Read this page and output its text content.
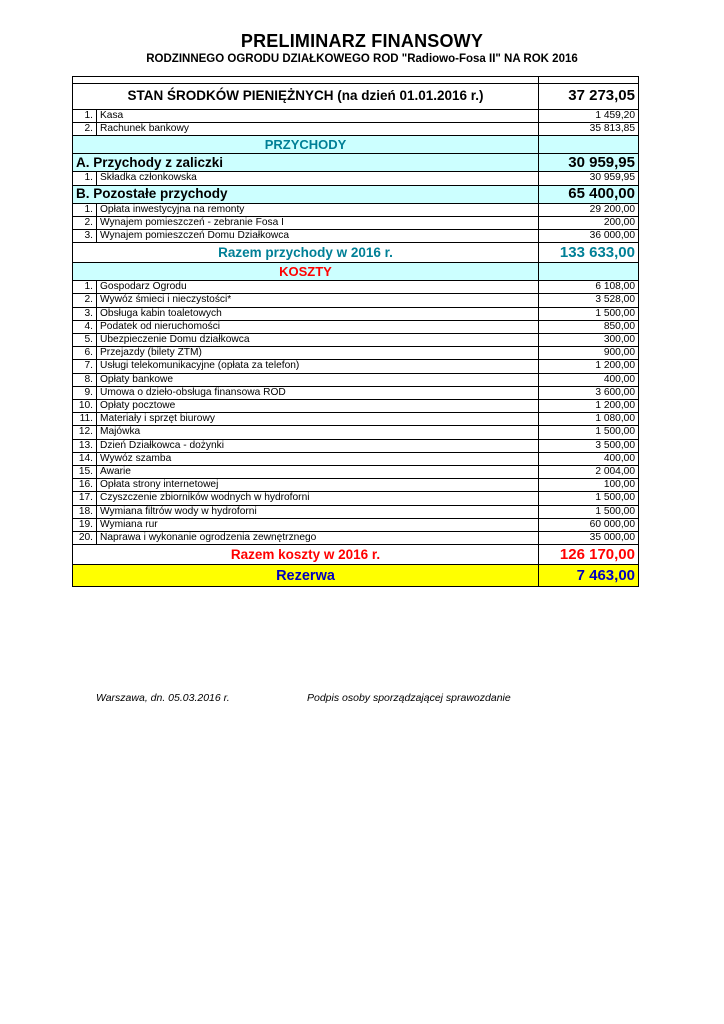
PRELIMINARZ FINANSOWY
RODZINNEGO OGRODU DZIAŁKOWEGO ROD "Radiowo-Fosa II" NA ROK 2016

STAN ŚRODKÓW PIENIĘŻNYCH (na dzień 01.01.2016 r.)		37 273,05
1.	Kasa	1 459,20
2.	Rachunek bankowy	35 813,85
PRZYCHODY		
A. Przychody z zaliczki		30 959,95
1.	Składka członkowska	30 959,95
B. Pozostałe przychody		65 400,00
1.	Opłata inwestycyjna na remonty	29 200,00
2.	Wynajem pomieszczeń - zebranie Fosa I	200,00
3.	Wynajem pomieszczeń Domu Działkowca	36 000,00
Razem przychody w 2016 r.		133 633,00
KOSZTY		
1.	Gospodarz Ogrodu	6 108,00
2.	Wywóz śmieci i nieczystości*	3 528,00
3.	Obsługa kabin toaletowych	1 500,00
4.	Podatek od nieruchomości	850,00
5.	Ubezpieczenie Domu działkowca	300,00
6.	Przejazdy (bilety ZTM)	900,00
7.	Usługi telekomunikacyjne (opłata za telefon)	1 200,00
8.	Opłaty bankowe	400,00
9.	Umowa o dzieło-obsługa finansowa ROD	3 600,00
10.	Opłaty pocztowe	1 200,00
11.	Materiały i sprzęt biurowy	1 080,00
12.	Majówka	1 500,00
13.	Dzień Działkowca - dożynki	3 500,00
14.	Wywóz szamba	400,00
15.	Awarie	2 004,00
16.	Opłata strony internetowej	100,00
17.	Czyszczenie zbiorników wodnych w hydroforni	1 500,00
18.	Wymiana filtrów wody w hydroforni	1 500,00
19.	Wymiana rur	60 000,00
20.	Naprawa i wykonanie ogrodzenia zewnętrznego	35 000,00
Razem koszty w 2016 r.		126 170,00
Rezerwa		7 463,00
Warszawa, dn. 05.03.2016 r.	Podpis osoby sporządzającej sprawozdanie
